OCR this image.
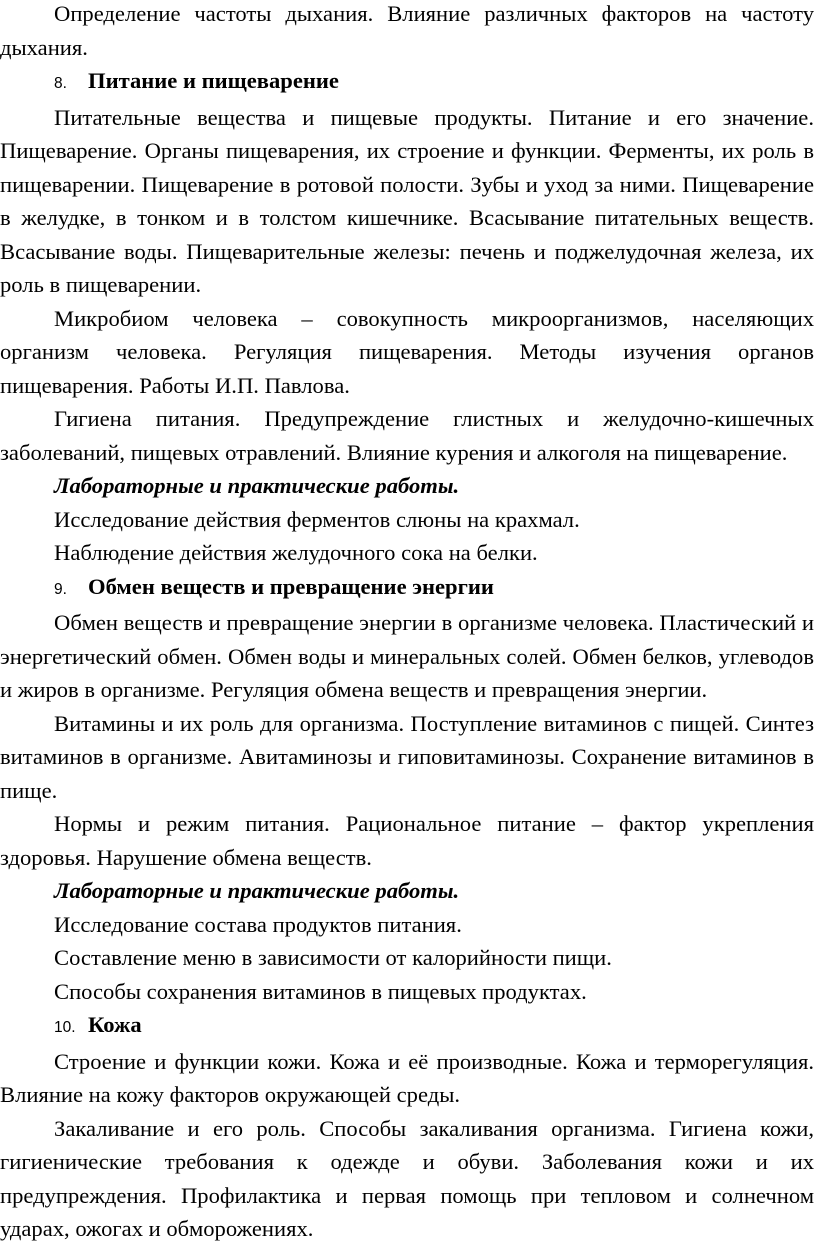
Определение частоты дыхания. Влияние различных факторов на частоту дыхания.

8. Питание и пищеварение

Питательные вещества и пищевые продукты. Питание и его значение. Пищеварение. Органы пищеварения, их строение и функции. Ферменты, их роль в пищеварении. Пищеварение в ротовой полости. Зубы и уход за ними. Пищеварение в желудке, в тонком и в толстом кишечнике. Всасывание питательных веществ. Всасывание воды. Пищеварительные железы: печень и поджелудочная железа, их роль в пищеварении.

Микробиом человека – совокупность микроорганизмов, населяющих организм человека. Регуляция пищеварения. Методы изучения органов пищеварения. Работы И.П. Павлова.

Гигиена питания. Предупреждение глистных и желудочно-кишечных заболеваний, пищевых отравлений. Влияние курения и алкоголя на пищеварение.

Лабораторные и практические работы.

Исследование действия ферментов слюны на крахмал.

Наблюдение действия желудочного сока на белки.

9. Обмен веществ и превращение энергии

Обмен веществ и превращение энергии в организме человека. Пластический и энергетический обмен. Обмен воды и минеральных солей. Обмен белков, углеводов и жиров в организме. Регуляция обмена веществ и превращения энергии.

Витамины и их роль для организма. Поступление витаминов с пищей. Синтез витаминов в организме. Авитаминозы и гиповитаминозы. Сохранение витаминов в пище.

Нормы и режим питания. Рациональное питание – фактор укрепления здоровья. Нарушение обмена веществ.

Лабораторные и практические работы.

Исследование состава продуктов питания.

Составление меню в зависимости от калорийности пищи.

Способы сохранения витаминов в пищевых продуктах.

10. Кожа

Строение и функции кожи. Кожа и её производные. Кожа и терморегуляция. Влияние на кожу факторов окружающей среды.

Закаливание и его роль. Способы закаливания организма. Гигиена кожи, гигиенические требования к одежде и обуви. Заболевания кожи и их предупреждения. Профилактика и первая помощь при тепловом и солнечном ударах, ожогах и обморожениях.
